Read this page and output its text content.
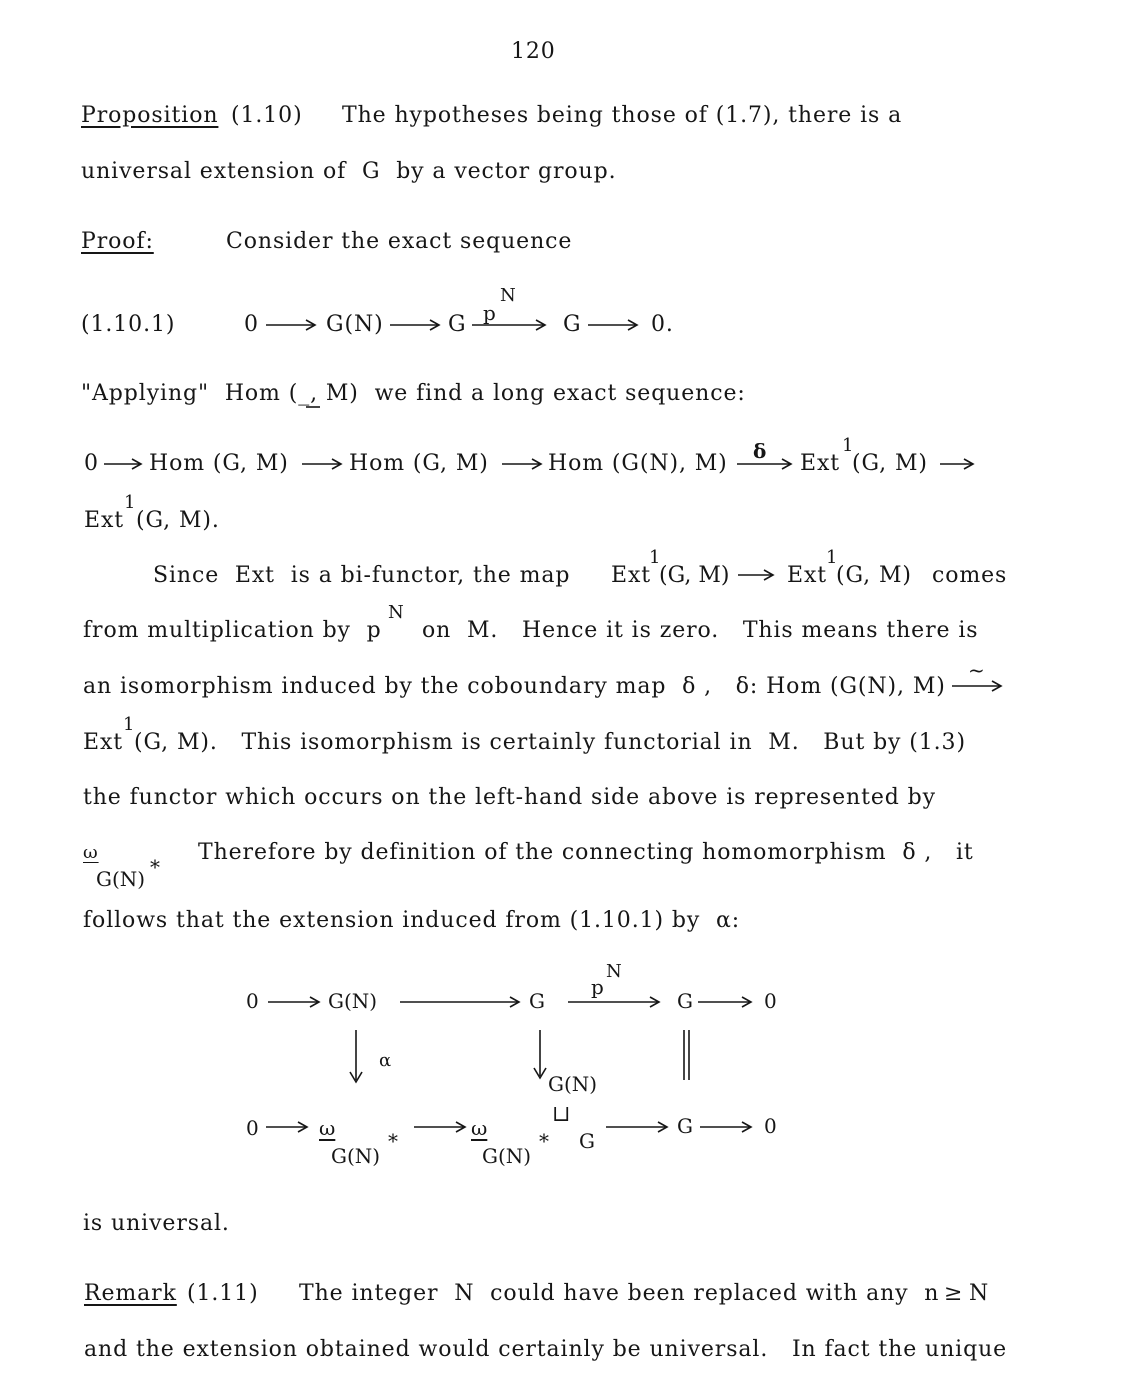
120
Proposition (1.10) The hypotheses being those of (1.7), there is a
universal extension of  G  by a vector group.
Proof:	Consider the exact sequence
(1.10.1)	0	G(N)	G p
N
G	0.
"Applying"  Hom (_, M)  we find a long exact sequence:
0 Hom (G, M)	Hom (G, M)	Hom (G(N), M) δ Ext
1
(G, M)
Ext
1
(G, M).
Since  Ext  is a bi-functor, the map Ext
1
(G, M)	Ext
1
(G, M) comes
from multiplication by  p
N
on  M.   Hence it is zero.   This means there is
an isomorphism induced by the coboundary map  δ ,   δ: Hom (G(N), M)
~
Ext
1
(G, M).   This isomorphism is certainly functorial in  M.   But by (1.3)
the functor which occurs on the left-hand side above is represented by
ω
G(N) *
Therefore by definition of the connecting homomorphism  δ ,   it
follows that the extension induced from (1.10.1) by  α:
0	G(N)	G
p
N
G	0
α
G(N)
0	ω
G(N)
*
ω
G(N)
*
⊔
G
G	0
is universal.
Remark (1.11) The integer  N  could have been replaced with any  n ≥ N
and the extension obtained would certainly be universal.   In fact the unique
